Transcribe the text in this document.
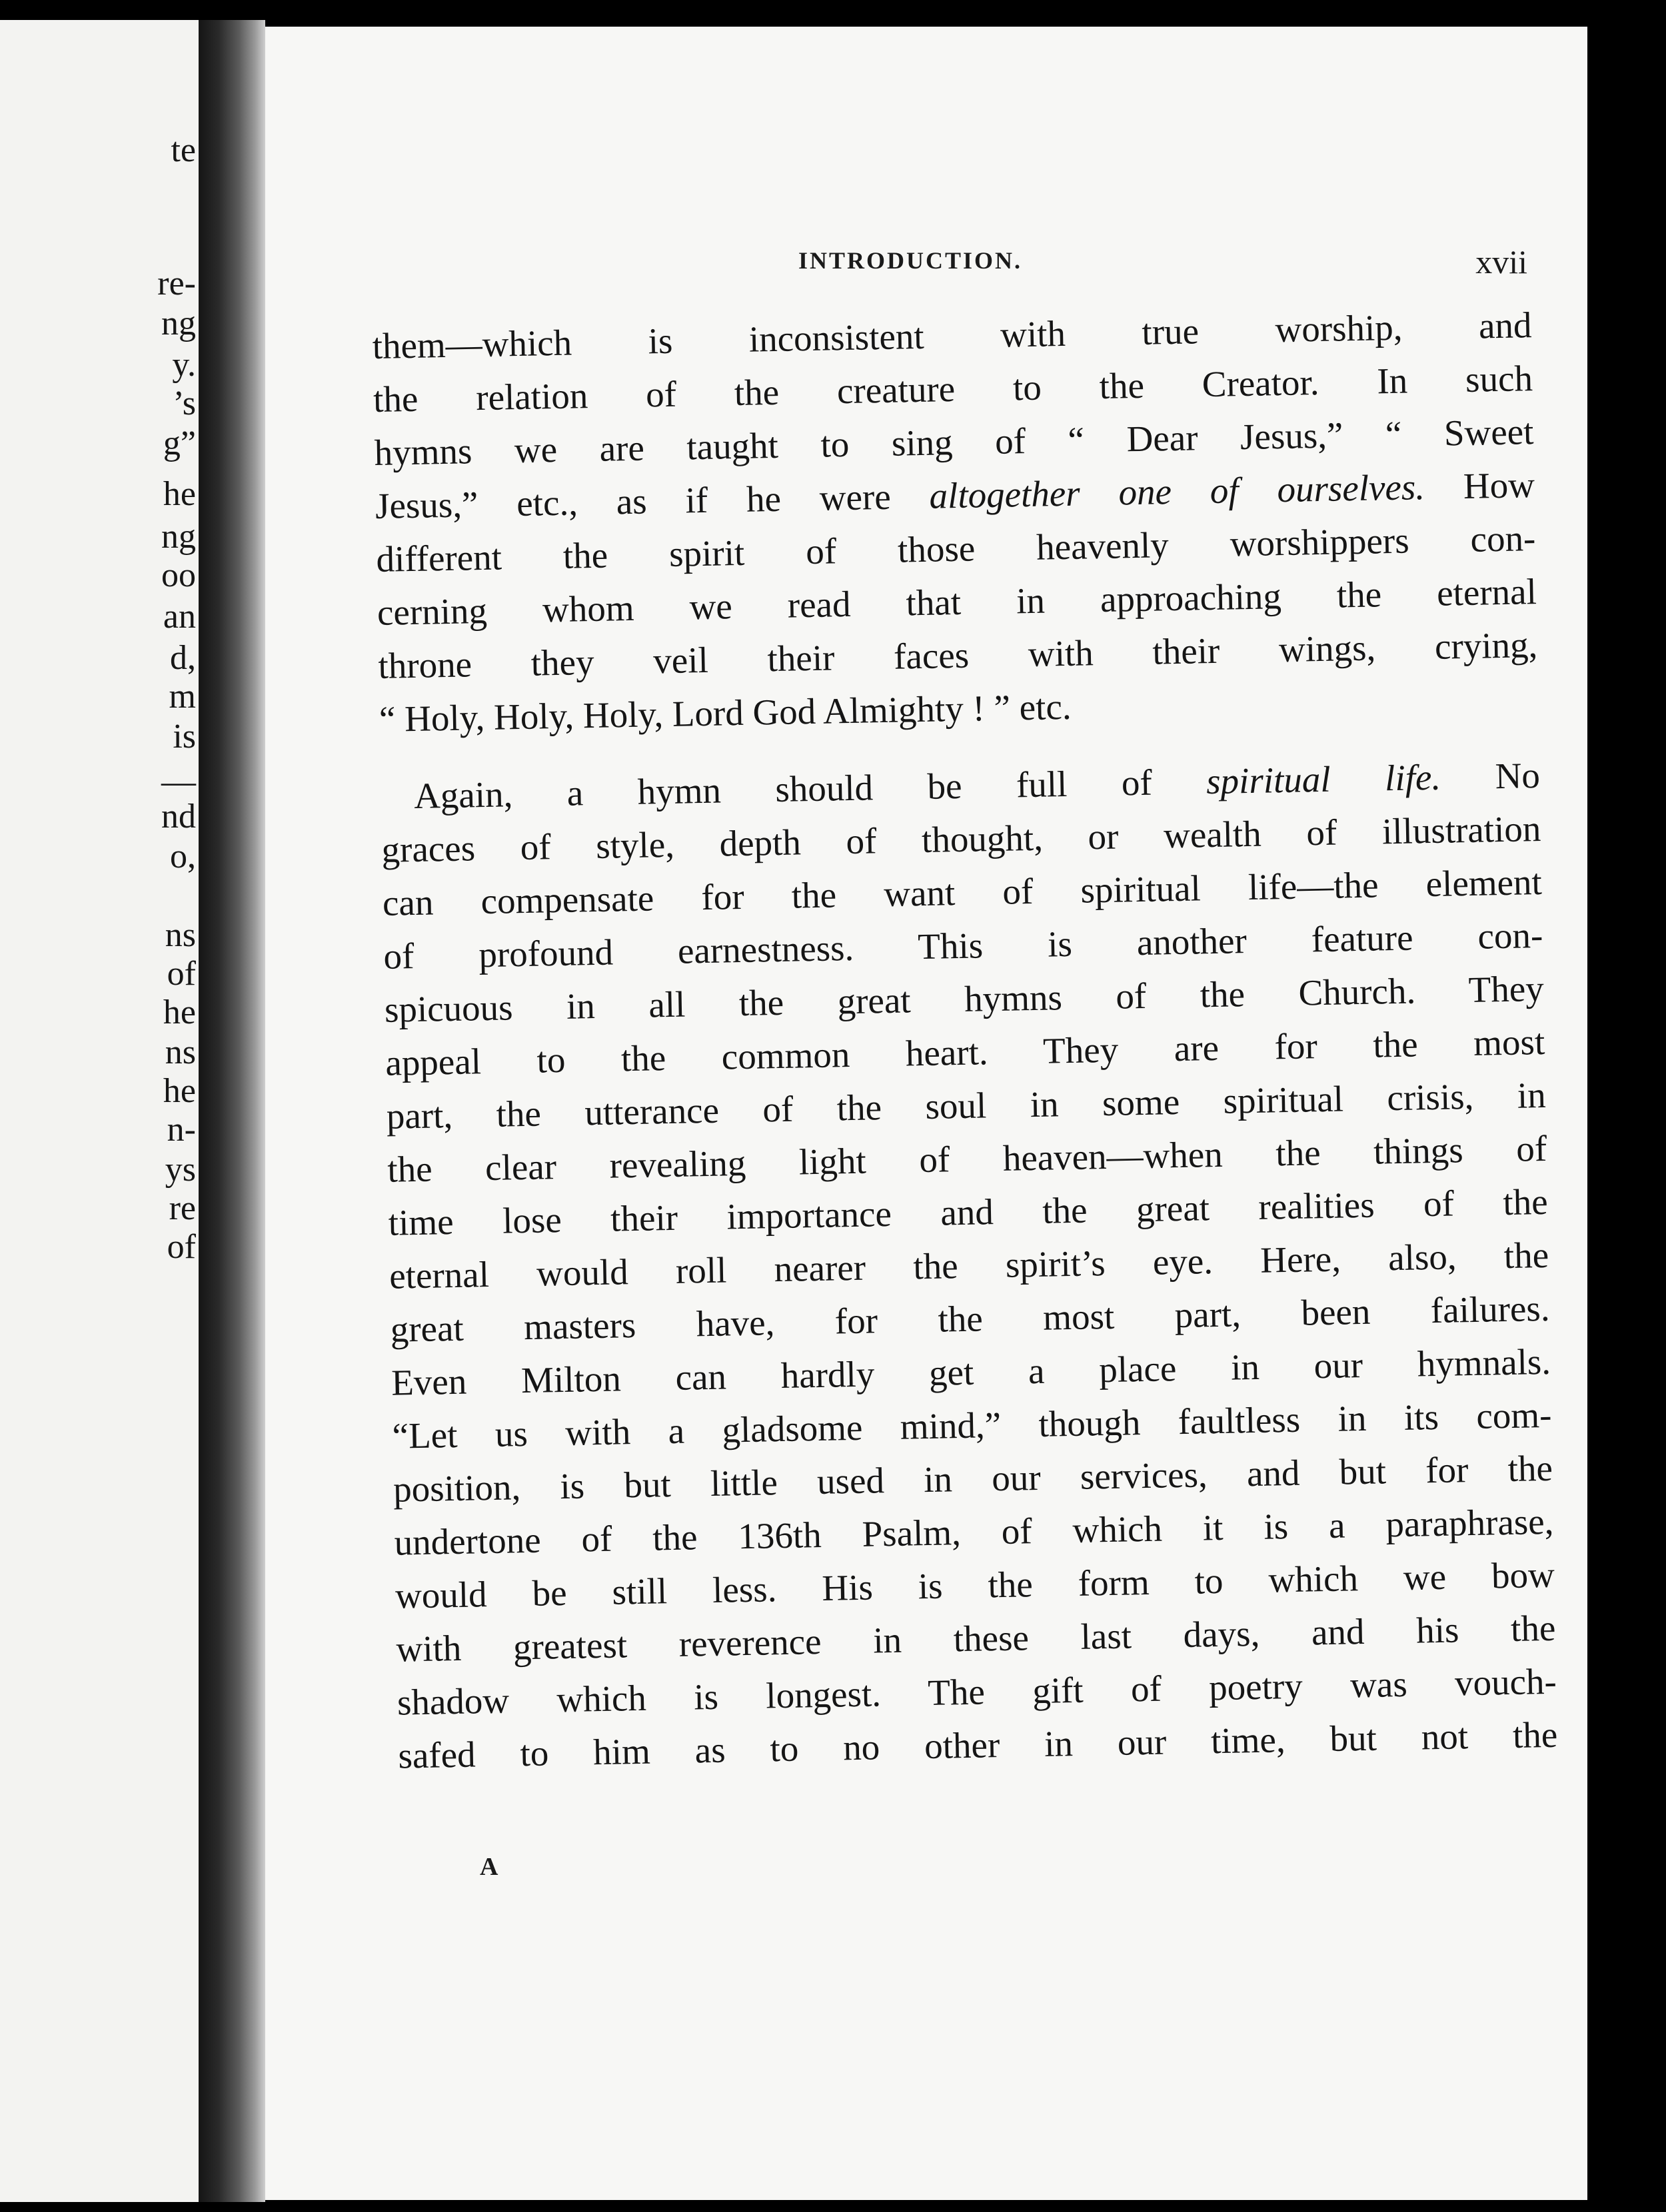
te
re-
ng
y.
’s
g”
he
ng
oo
an
d,
m
is
—
nd
o,
ns
of
he
ns
he
n-
ys
re
of
INTRODUCTION.	xvii
them—which is inconsistent with true worship, and
the relation of the creature to the Creator. In such
hymns we are taught to sing of “ Dear Jesus,” “ Sweet
Jesus,” etc., as if he were altogether one of ourselves. How
different the spirit of those heavenly worshippers con-
cerning whom we read that in approaching the eternal
throne they veil their faces with their wings, crying,
“ Holy, Holy, Holy, Lord God Almighty ! ” etc.
Again, a hymn should be full of spiritual life. No
graces of style, depth of thought, or wealth of illustration
can compensate for the want of spiritual life—the element
of profound earnestness. This is another feature con-
spicuous in all the great hymns of the Church. They
appeal to the common heart. They are for the most
part, the utterance of the soul in some spiritual crisis, in
the clear revealing light of heaven—when the things of
time lose their importance and the great realities of the
eternal would roll nearer the spirit’s eye. Here, also, the
great masters have, for the most part, been failures.
Even Milton can hardly get a place in our hymnals.
“Let us with a gladsome mind,” though faultless in its com-
position, is but little used in our services, and but for the
undertone of the 136th Psalm, of which it is a paraphrase,
would be still less. His is the form to which we bow
with greatest reverence in these last days, and his the
shadow which is longest. The gift of poetry was vouch-
safed to him as to no other in our time, but not the
A
